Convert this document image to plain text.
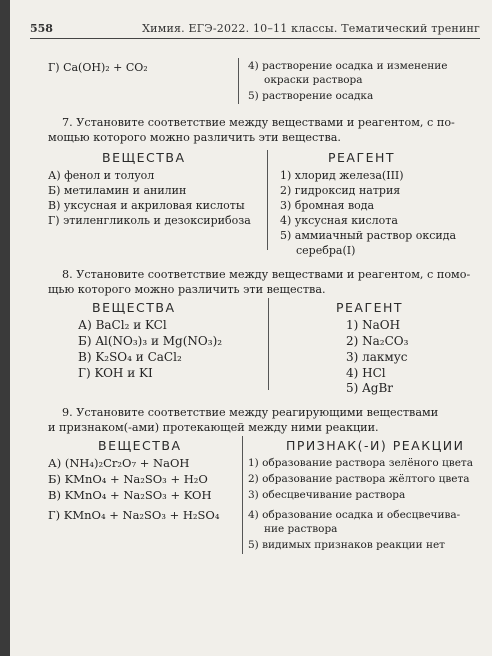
558	Химия. ЕГЭ-2022. 10–11 классы. Тематический тренинг
Г) Ca(OH)₂ + CO₂	4) растворение осадка и изменение
окраски раствора
5) растворение осадка
7. Установите соответствие между веществами и реагентом, с по-
мощью которого можно различить эти вещества.
ВЕЩЕСТВА	РЕАГЕНТ
А) фенол и толуол
Б) метиламин и анилин
В) уксусная и акриловая кислоты
Г) этиленгликоль и дезоксирибоза
1) хлорид железа(III)
2) гидроксид натрия
3) бромная вода
4) уксусная кислота
5) аммиачный раствор оксида
серебра(I)
8. Установите соответствие между веществами и реагентом, с помо-
щью которого можно различить эти вещества.
ВЕЩЕСТВА	РЕАГЕНТ
А) BaCl₂ и KCl
Б) Al(NO₃)₃ и Mg(NO₃)₂
В) K₂SO₄ и CaCl₂
Г) KOH и KI
1) NaOH
2) Na₂CO₃
3) лакмус
4) HCl
5) AgBr
9. Установите соответствие между реагирующими веществами
и признаком(-ами) протекающей между ними реакции.
ВЕЩЕСТВА	ПРИЗНАК(-И) РЕАКЦИИ
А) (NH₄)₂Cr₂O₇ + NaOH
Б) KMnO₄ + Na₂SO₃ + H₂O
В) KMnO₄ + Na₂SO₃ + KOH
Г) KMnO₄ + Na₂SO₃ + H₂SO₄
1) образование раствора зелёного цвета
2) образование раствора жёлтого цвета
3) обесцвечивание раствора
4) образование осадка и обесцвечива-
ние раствора
5) видимых признаков реакции нет
